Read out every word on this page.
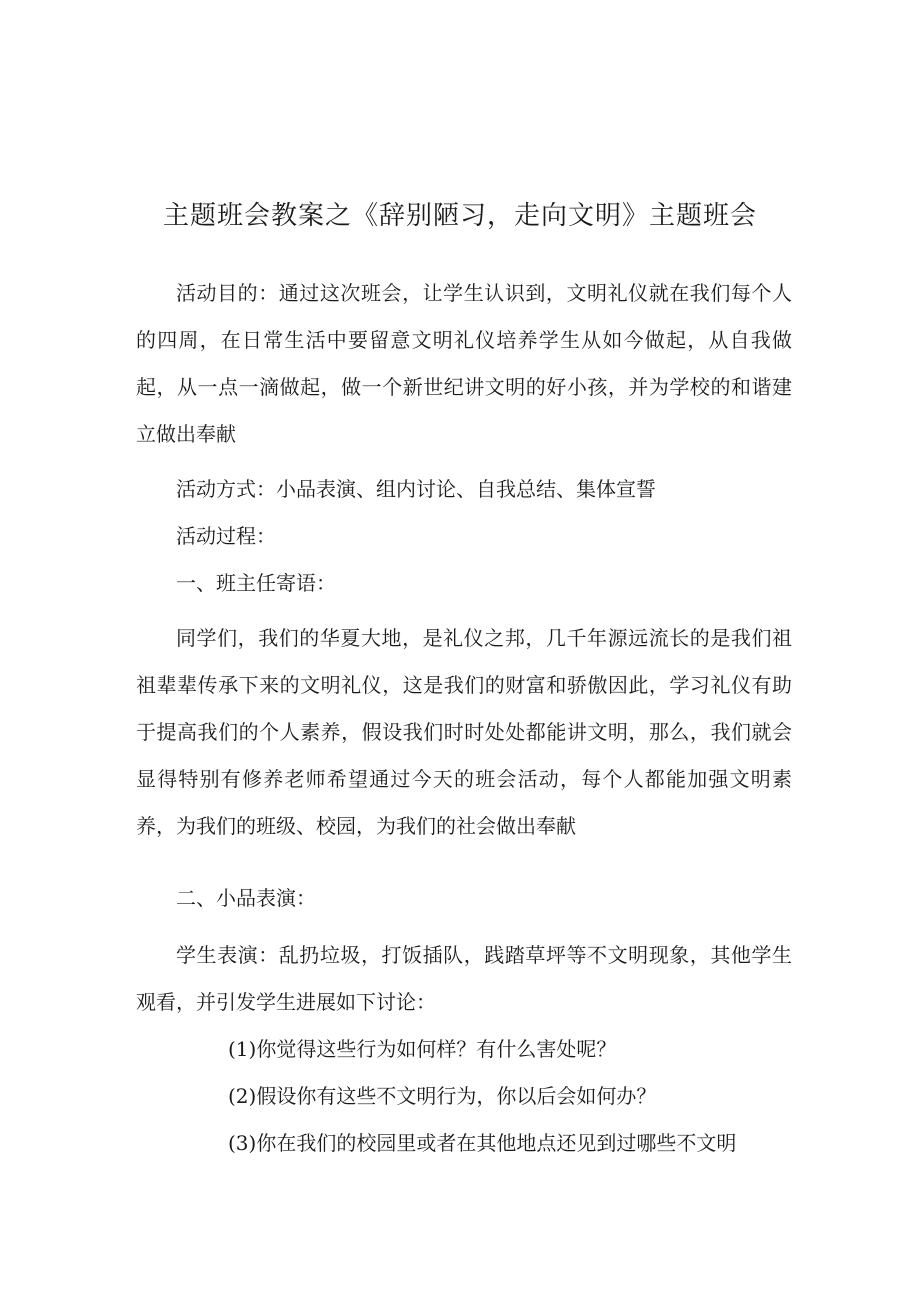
主题班会教案之《辞别陋习，走向文明》主题班会

活动目的：通过这次班会，让学生认识到，文明礼仪就在我们每个人的四周，在日常生活中要留意文明礼仪培养学生从如今做起，从自我做起，从一点一滴做起，做一个新世纪讲文明的好小孩，并为学校的和谐建立做出奉献

活动方式：小品表演、组内讨论、自我总结、集体宣誓

活动过程：

一、班主任寄语：

同学们，我们的华夏大地，是礼仪之邦，几千年源远流长的是我们祖祖辈辈传承下来的文明礼仪，这是我们的财富和骄傲因此，学习礼仪有助于提高我们的个人素养，假设我们时时处处都能讲文明，那么，我们就会显得特别有修养老师希望通过今天的班会活动，每个人都能加强文明素养，为我们的班级、校园，为我们的社会做出奉献

二、小品表演：

学生表演：乱扔垃圾，打饭插队，践踏草坪等不文明现象，其他学生观看，并引发学生进展如下讨论：

(1)你觉得这些行为如何样？有什么害处呢？

(2)假设你有这些不文明行为，你以后会如何办？

(3)你在我们的校园里或者在其他地点还见到过哪些不文明
